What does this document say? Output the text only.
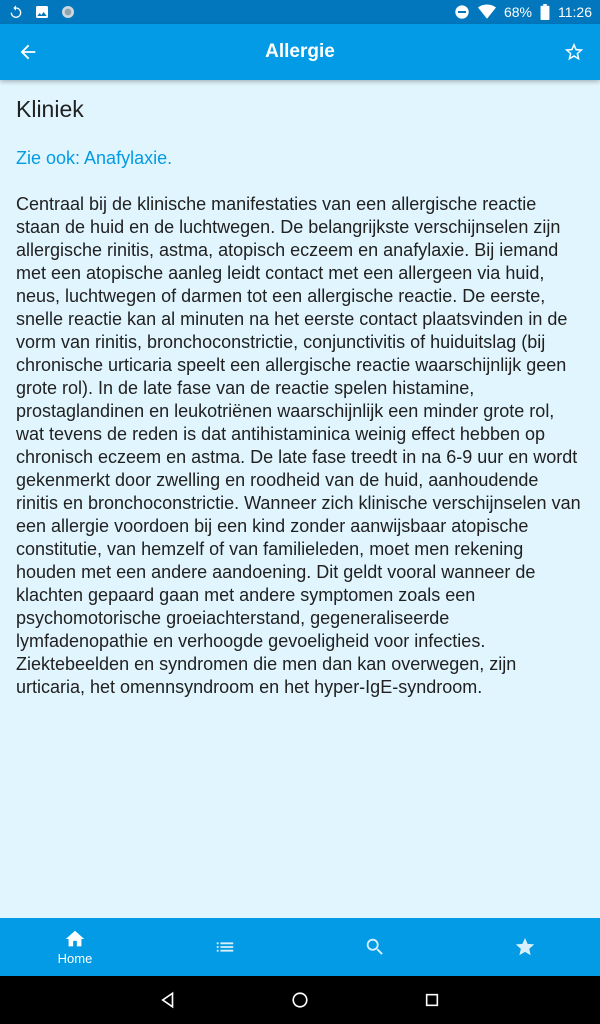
68% 11:26
Allergie
Kliniek
Zie ook: Anafylaxie.

Centraal bij de klinische manifestaties van een allergische reactie staan de huid en de luchtwegen. De belangrijkste verschijnselen zijn allergische rinitis, astma, atopisch eczeem en anafylaxie. Bij iemand met een atopische aanleg leidt contact met een allergeen via huid, neus, luchtwegen of darmen tot een allergische reactie. De eerste, snelle reactie kan al minuten na het eerste contact plaatsvinden in de vorm van rinitis, bronchoconstrictie, conjunctivitis of huiduitslag (bij chronische urticaria speelt een allergische reactie waarschijnlijk geen grote rol). In de late fase van de reactie spelen histamine, prostaglandinen en leukotriënen waarschijnlijk een minder grote rol, wat tevens de reden is dat antihistaminica weinig effect hebben op chronisch eczeem en astma. De late fase treedt in na 6-9 uur en wordt gekenmerkt door zwelling en roodheid van de huid, aanhoudende rinitis en bronchoconstrictie. Wanneer zich klinische verschijnselen van een allergie voordoen bij een kind zonder aanwijsbaar atopische constitutie, van hemzelf of van familieleden, moet men rekening houden met een andere aandoening. Dit geldt vooral wanneer de klachten gepaard gaan met andere symptomen zoals een psychomotorische groeiachterstand, gegeneraliseerde lymfadenopathie en verhoogde gevoeligheid voor infecties. Ziektebeelden en syndromen die men dan kan overwegen, zijn urticaria, het omennsyndroom en het hyper-IgE-syndroom.

Home
